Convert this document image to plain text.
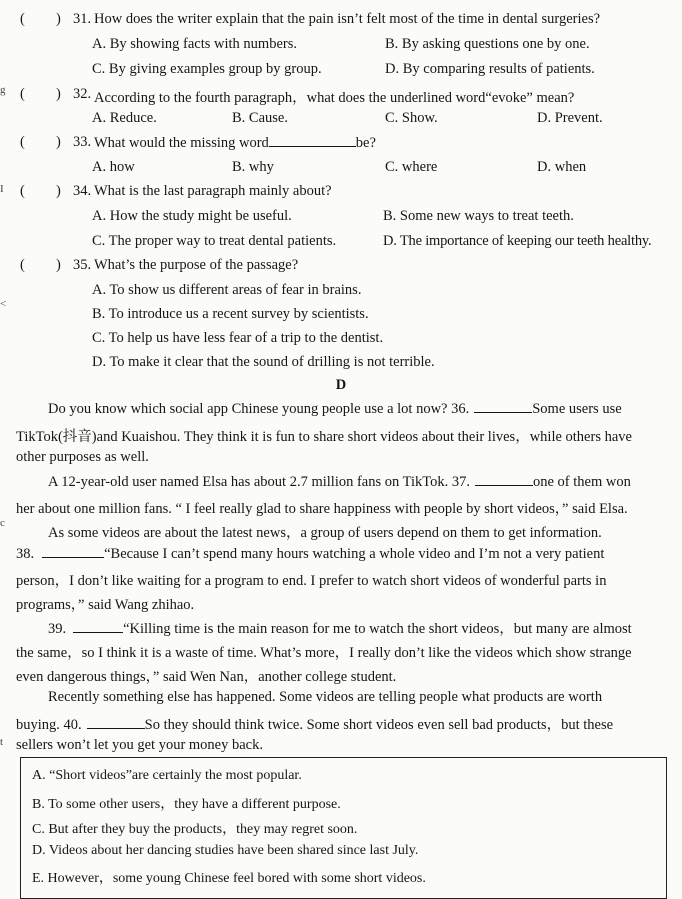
g
I
<
c
t
( ) 31. How does the writer explain that the pain isn’t felt most of the time in dental surgeries?
A. By showing facts with numbers.	B. By asking questions one by one.
C. By giving examples group by group.	D. By comparing results of patients.
( ) 32. According to the fourth paragraph，what does the underlined word“evoke” mean?
A. Reduce.	B. Cause.	C. Show.	D. Prevent.
( ) 33. What would the missing word	be?
A. how	B. why	C. where	D. when
( ) 34. What is the last paragraph mainly about?
A. How the study might be useful.	B. Some new ways to treat teeth.
C. The proper way to treat dental patients.	D. The importance of keeping our teeth healthy.
( ) 35. What’s the purpose of the passage?
A. To show us different areas of fear in brains.
B. To introduce us a recent survey by scientists.
C. To help us have less fear of a trip to the dentist.
D. To make it clear that the sound of drilling is not terrible.
D
Do you know which social app Chinese young people use a lot now? 36.	Some users use
TikTok(抖音)and Kuaishou. They think it is fun to share short videos about their lives，while others have
other purposes as well.
A 12-year-old user named Elsa has about 2.7 million fans on TikTok. 37.	one of them won
her about one million fans. “ I feel really glad to share happiness with people by short videos，” said Elsa.
As some videos are about the latest news，a group of users depend on them to get information.
38.	“Because I can’t spend many hours watching a whole video and I’m not a very patient
person，I don’t like waiting for a program to end. I prefer to watch short videos of wonderful parts in
programs，” said Wang zhihao.
39.	“Killing time is the main reason for me to watch the short videos，but many are almost
the same，so I think it is a waste of time. What’s more，I really don’t like the videos which show strange
even dangerous things，” said Wen Nan，another college student.
Recently something else has happened. Some videos are telling people what products are worth
buying. 40.	So they should think twice. Some short videos even sell bad products，but these
sellers won’t let you get your money back.
A. “Short videos”are certainly the most popular.
B. To some other users，they have a different purpose.
C. But after they buy the products，they may regret soon.
D. Videos about her dancing studies have been shared since last July.
E. However，some young Chinese feel bored with some short videos.
